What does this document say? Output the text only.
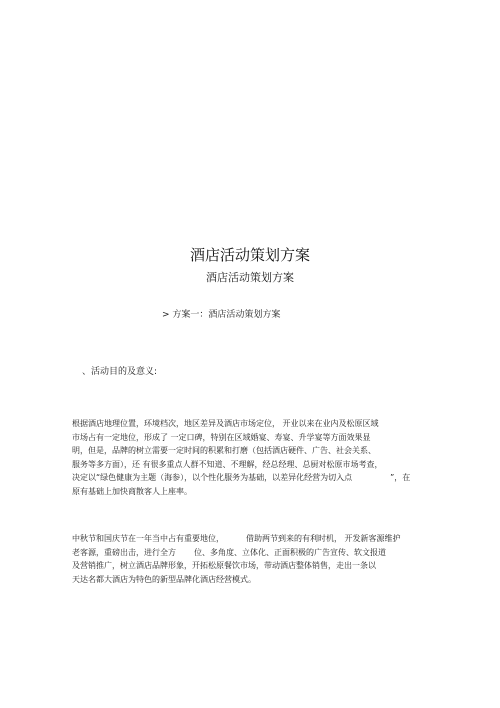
酒店活动策划方案
酒店活动策划方案
> 方案一：酒店活动策划方案
、活动目的及意义:
根据酒店地理位置，环境档次，地区差异及酒店市场定位， 开业以来在业内及松原区域
市场占有一定地位，形成了 一定口碑，特别在区域婚宴、寿宴、升学宴等方面效果显
明，但是，品牌的树立需要一定时间的积累和打磨（包括酒店硬件、广告、社会关系、
服务等多方面），还 有很多重点人群不知道、不理解，经总经理、总厨对松原市场考查，
决定以“绿色健康为主题（海参），以个性化服务为基础，以差异化经营为切入点	”，在
原有基础上加快商散客人上座率。
中秋节和国庆节在一年当中占有重要地位，	借助两节到来的有利时机， 开发新客源维护
老客源，重磅出击，进行全方 位、多角度、立体化、正面积极的广告宣传、软文报道
及营销推广，树立酒店品牌形象，开拓松原餐饮市场，带动酒店整体销售，走出一条以
天达名都大酒店为特色的新型品牌化酒店经营模式。
